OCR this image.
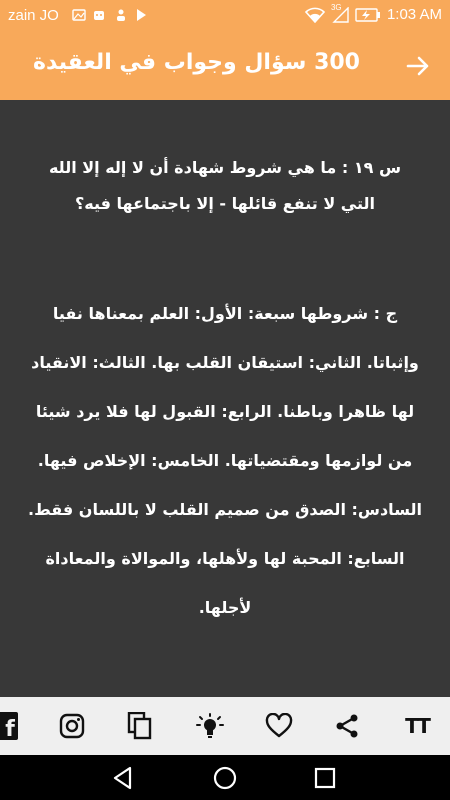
zain JO	3G	1:03 AM
300 سؤال وجواب في العقيدة

س ١٩ : ما هي شروط شهادة أن لا إله إلا الله التي لا تنفع قائلها - إلا باجتماعها فيه؟

ج : شروطها سبعة: الأول: العلم بمعناها نفيا وإثباتا. الثاني: استيقان القلب بها. الثالث: الانقياد لها ظاهرا وباطنا. الرابع: القبول لها فلا يرد شيئا من لوازمها ومقتضياتها. الخامس: الإخلاص فيها. السادس: الصدق من صميم القلب لا باللسان فقط. السابع: المحبة لها ولأهلها، والموالاة والمعاداة لأجلها.

f	TT
